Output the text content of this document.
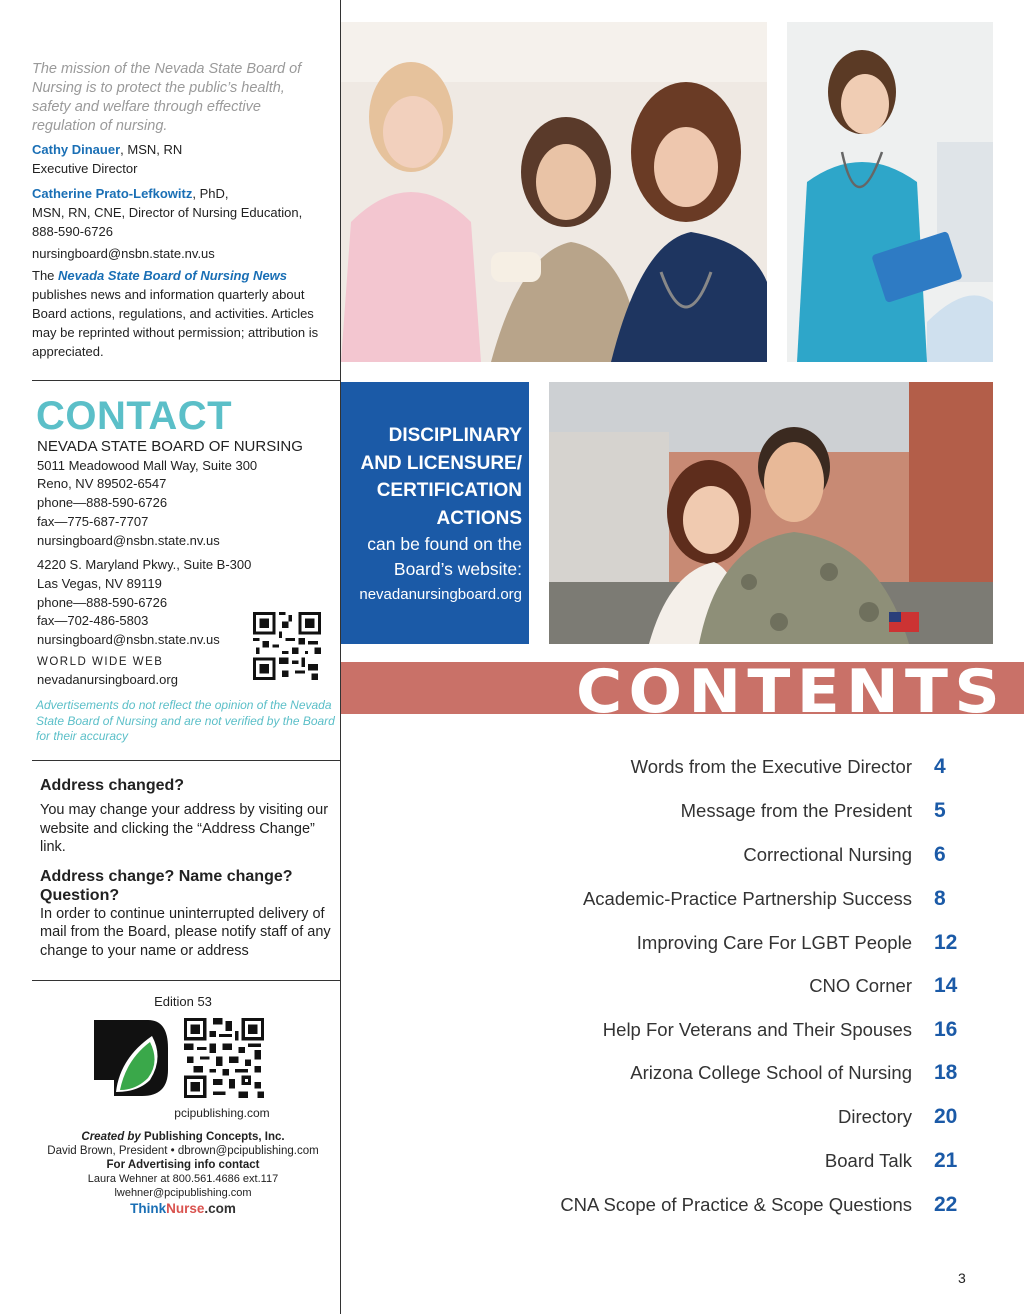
The mission of the Nevada State Board of Nursing is to protect the public’s health, safety and welfare through effective regulation of nursing.
Cathy Dinauer, MSN, RN
Executive Director
Catherine Prato-Lefkowitz, PhD,
MSN, RN, CNE, Director of Nursing Education,
888-590-6726
nursingboard@nsbn.state.nv.us
The Nevada State Board of Nursing News publishes news and information quarterly about Board actions, regulations, and activities. Articles may be reprinted without permission; attribution is appreciated.
CONTACT
NEVADA STATE BOARD OF NURSING
5011 Meadowood Mall Way, Suite 300
Reno, NV 89502-6547
phone—888-590-6726
fax—775-687-7707
nursingboard@nsbn.state.nv.us
4220 S. Maryland Pkwy., Suite B-300
Las Vegas, NV 89119
phone—888-590-6726
fax—702-486-5803
nursingboard@nsbn.state.nv.us
WORLD WIDE WEB
nevadanursingboard.org
Advertisements do not reflect the opinion of the Nevada State Board of Nursing and are not verified by the Board for their accuracy
Address changed?

You may change your address by visiting our website and clicking the “Address Change” link.

Address change? Name change? Question?

In order to continue uninterrupted delivery of mail from the Board, please notify staff of any change to your name or address

Edition 53
pcipublishing.com
Created by Publishing Concepts, Inc.
David Brown, President • dbrown@pcipublishing.com
For Advertising info contact
Laura Wehner at 800.561.4686 ext.117
lwehner@pcipublishing.com
ThinkNurse.com
DISCIPLINARY
AND LICENSURE/
CERTIFICATION
ACTIONS
can be found on the
Board’s website:
nevadanursingboard.org
CONTENTS
Words from the Executive Director	4
Message from the President	5
Correctional Nursing	6
Academic-Practice Partnership Success	8
Improving Care For LGBT People	12
CNO Corner	14
Help For Veterans and Their Spouses	16
Arizona College School of Nursing	18
Directory	20
Board Talk	21
CNA Scope of Practice & Scope Questions	22
3
